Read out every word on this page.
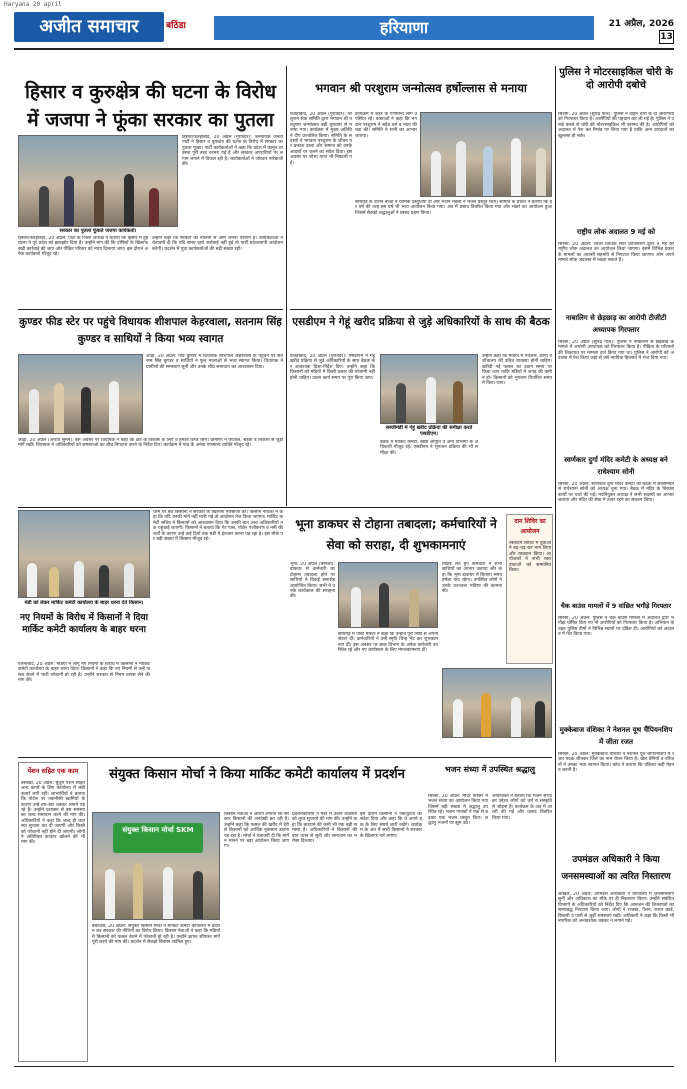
Haryana 20 april
अजीत समाचार	बठिंडा	हरियाणा	21 अप्रैल, 2026
13
हिसार व कुरुक्षेत्र की घटना के विरोध में जजपा ने फूंका सरकार का पुतला
सरकार का पुतला फूंकते जजपा कार्यकर्ता।
हिसार/फतेहाबाद, 20 अप्रैल (गुरविंदर): जननायक जनता पार्टी ने हिसार व कुरुक्षेत्र की घटना के विरोध में सरकार का पुतला फूंका। पार्टी कार्यकर्ताओं ने कहा कि प्रदेश में कानून व्यवस्था पूरी तरह चरमरा गई है और सरकार अपराधियों पर लगाम लगाने में विफल रही है। कार्यकर्ताओं ने जोरदार नारेबाजी की।
हिसार/फतेहाबाद, 20 अप्रैल: पार्टी के जिला अध्यक्ष ने बताया कि हिसार में हुई घटना ने पूरे प्रदेश को झकझोर दिया है। उन्होंने मांग की कि दोषियों के खिलाफ कड़ी कार्रवाई की जाए और पीड़ित परिवार को न्याय दिलाया जाए। इस दौरान अनेक कार्यकर्ता मौजूद रहे।
उन्होंने कहा कि सरकार की नीतियों से आम जनता परेशान है। कार्यकर्ताओं ने चेतावनी दी कि यदि समय रहते कार्रवाई नहीं हुई तो पार्टी प्रदेशव्यापी आंदोलन करेगी। प्रदर्शन में युवा कार्यकर्ताओं की बड़ी संख्या रही।
भगवान श्री परशुराम जन्मोत्सव हर्षोल्लास से मनाया
फतेहाबाद, 20 अप्रैल (गुरविंदर): परशुराम सेवा समिति द्वारा भगवान श्री परशुराम जन्मोत्सव बड़ी धूमधाम से मनाया गया। कार्यक्रम में मुख्य अतिथि ने दीप प्रज्वलित किया। समिति के सदस्यों ने भगवान परशुराम के जीवन पर प्रकाश डाला और समाज को उनके आदर्शों पर चलने का संदेश दिया। इस अवसर पर शोभा यात्रा भी निकाली गई।
कार्यक्रम में शहर के गणमान्य लोग उपस्थित रहे। वक्ताओं ने कहा कि भगवान परशुराम ने सदैव धर्म व न्याय की रक्षा की। समिति ने सभी का आभार जताया।
समारोह के दौरान बच्चों ने धार्मिक प्रस्तुतियां दीं और भजन मंडली ने भजन प्रस्तुत किए। समिति के प्रधान ने बताया कि हर वर्ष की तरह इस वर्ष भी भव्य आयोजन किया गया। अंत में प्रसाद वितरित किया गया और भंडारे का आयोजन हुआ जिसमें सैकड़ों श्रद्धालुओं ने प्रसाद ग्रहण किया।
पुलिस ने मोटरसाइकिल चोरी के दो आरोपी दबोचे
सिरसा, 20 अप्रैल (सुरिंद्र पाल): पुलिस ने वाहन चोरी के दो आरोपियों को गिरफ्तार किया है। आरोपियों की पहचान कर ली गई है। पुलिस ने उनके कब्जे से चोरी की मोटरसाइकिल भी बरामद की है। आरोपियों को अदालत में पेश कर रिमांड पर लिया गया है ताकि अन्य वारदातों का खुलासा हो सके।
राष्ट्रीय लोक अदालत 9 मई को
सिरसा, 20 अप्रैल: जिला विधिक सेवा प्राधिकरण द्वारा 9 मई को राष्ट्रीय लोक अदालत का आयोजन किया जाएगा। इसमें विभिन्न प्रकार के मामलों का आपसी सहमति से निपटारा किया जाएगा। लोग अपने मामले लोक अदालत में रखवा सकते हैं।
नाबालिग से छेड़छाड़ का आरोपी टीजीटी अध्यापक गिरफ्तार
सिरसा, 20 अप्रैल (सुरिंद्र पाल): पुलिस ने नाबालिग से छेड़छाड़ के मामले में आरोपी अध्यापक को गिरफ्तार किया है। पीड़िता के परिजनों की शिकायत पर मामला दर्ज किया गया था। पुलिस ने आरोपी को अदालत में पेश किया जहां से उसे न्यायिक हिरासत में भेज दिया गया।
स्वर्णकार दुर्गा मंदिर कमेटी के अध्यक्ष बने राधेश्याम सोनी
सिरसा, 20 अप्रैल: स्वर्णकार दुर्गा मंदिर कमेटी की बैठक में सर्वसम्मति से राधेश्याम सोनी को अध्यक्ष चुना गया। बैठक में मंदिर के विकास कार्यों पर चर्चा की गई। नवनियुक्त अध्यक्ष ने सभी सदस्यों का आभार जताया और मंदिर की सेवा में तत्पर रहने का संकल्प लिया।
चैक बाउंस मामलों में 9 वांछित भगौड़े गिरफ्तार
सिरसा, 20 अप्रैल: पुलिस ने चैक बाउंस मामलों में अदालत द्वारा भगौड़ा घोषित किए गए नौ आरोपियों को गिरफ्तार किया है। अभियान के तहत पुलिस टीमों ने विभिन्न स्थानों पर दबिश दी। आरोपियों को अदालत में पेश किया गया।
मुक्केबाज वंशिका ने नेशनल यूथ चैंपियनशिप में जीता रजत
सिरसा, 20 अप्रैल: मुक्केबाज वंशिका ने नेशनल यूथ चैंपियनशिप में रजत पदक जीतकर जिले का नाम रोशन किया है। खेल प्रेमियों व परिजनों ने उनका भव्य स्वागत किया। कोच ने बताया कि वंशिका कड़ी मेहनत करती है।
कुण्डर फीड स्टेर पर पहुंचे विधायक शीशपाल केहरवाला, सतनाम सिंह कुण्डर व साथियों ने किया भव्य स्वागत
ओढ़ां, 20 अप्रैल: गांव कुण्डर में विधायक शीशपाल केहरवाला के पहुंचने पर सतनाम सिंह कुण्डर व साथियों ने फूल मालाओं से भव्य स्वागत किया। विधायक ने ग्रामीणों की समस्याएं सुनीं और उनके शीघ्र समाधान का आश्वासन दिया।
ओढ़ां, 20 अप्रैल (अजीत सुमन): इस अवसर पर विधायक ने कहा कि क्षेत्र के विकास के लिए वे हमेशा तत्पर रहेंगे। ग्रामीणों ने पेयजल, सड़क व बिजली से जुड़ी मांगें रखीं। विधायक ने अधिकारियों को समस्याओं का शीघ्र निपटारा करने के निर्देश दिए। कार्यक्रम में गांव के अनेक गणमान्य व्यक्ति मौजूद रहे।
एसडीएम ने गेहूं खरीद प्रक्रिया से जुड़े अधिकारियों के साथ की बैठक
फतेहाबाद, 20 अप्रैल (गुरविंदर): एसडीएम ने गेहूं खरीद प्रक्रिया से जुड़े अधिकारियों के साथ बैठक कर आवश्यक दिशा-निर्देश दिए। उन्होंने कहा कि किसानों को मंडियों में किसी प्रकार की परेशानी नहीं होनी चाहिए। उठान कार्य समय पर पूरा किया जाए।
सब्जीमंडी में गेहूं खरीद प्रक्रिया की समीक्षा करते एसडीएम।
बैठक में मार्किट कमेटी, खाद्य आपूर्ति व अन्य विभागों के अधिकारी मौजूद रहे। एसडीएम ने भुगतान प्रक्रिया की भी समीक्षा की।
उन्होंने कहा कि मंडियों में पेयजल, छाया व शौचालय की उचित व्यवस्था होनी चाहिए। खरीदी गई फसल का उठान समय पर किया जाए ताकि मंडियों में जगह की कमी न हो। किसानों को भुगतान निर्धारित समय में किया जाए।
मंडी को लेकर मार्किट कमेटी कार्यालय के बाहर धरना देते किसान।
नए नियमों के विरोध में किसानों ने दिया मार्किट कमेटी कार्यालय के बाहर धरना
ऐलनाबाद, 20 अप्रैल: मंडियों में लागू नए नियमों के विरोध में किसानों ने मार्किट कमेटी कार्यालय के बाहर धरना दिया। किसानों ने कहा कि नए नियमों से उन्हें फसल बेचने में भारी परेशानी हो रही है। उन्होंने सरकार से नियम वापस लेने की मांग की।
धरने पर बैठे किसानों ने सरकार के खिलाफ नारेबाजी की। किसान नेताओं ने कहा कि यदि उनकी मांगें नहीं मानी गईं तो आंदोलन तेज किया जाएगा। मार्किट कमेटी सचिव ने किसानों को आश्वासन दिया कि उनकी बात उच्च अधिकारियों तक पहुंचाई जाएगी। किसानों ने बताया कि गेट पास, पोर्टल पंजीकरण व नमी की शर्तों के कारण उन्हें कई दिनों तक मंडी में इंतजार करना पड़ रहा है। इस मौके पर बड़ी संख्या में किसान मौजूद रहे।
भूना डाकघर से टोहाना तबादला; कर्मचारियों ने सेवा को सराहा, दी शुभकामनाएं
भूना, 20 अप्रैल (सिंगला): डाकघर से कर्मचारी का टोहाना तबादला होने पर साथियों ने विदाई समारोह आयोजित किया। सभी ने उनके कार्यकाल की सराहना की।
समारोह में पोस्ट मास्टर ने कहा कि उन्होंने पूरी निष्ठा से अपनी सेवाएं दीं। कर्मचारियों ने उन्हें स्मृति चिन्ह भेंट कर शुभकामनाएं दीं। इस अवसर पर डाक विभाग के अनेक कर्मचारी उपस्थित रहे और नए कार्यस्थल के लिए मंगलकामनाएं दीं।
विदाई लेते हुए कर्मचारी ने सभी साथियों का आभार जताया और कहा कि भूना डाकघर में बिताया समय हमेशा याद रहेगा। उपस्थित लोगों ने उनके उज्ज्वल भविष्य की कामना की।
दान शिविर का आयोजन
रक्तदान शिविर में युवाओं ने बढ़-चढ़ कर भाग लिया और रक्तदान किया। आयोजकों ने सभी रक्तदाताओं को सम्मानित किया।
पेंशन सहित एक काम
बैसाखी, 20 अप्रैल: बुजुर्ग पेंशन सहित अन्य कार्यों के लिए कार्यालय में लंबी कतारें लगी रहीं। लाभार्थियों ने बताया कि पोर्टल पर तकनीकी खामियों के कारण उन्हें बार-बार चक्कर लगाने पड़ रहे हैं। उन्होंने प्रशासन से इस समस्या का जल्द समाधान करने की मांग की। अधिकारियों ने कहा कि जल्द ही व्यवस्था सुचारू कर दी जाएगी और किसी को परेशानी नहीं होने दी जाएगी। लोगों ने अतिरिक्त काउंटर खोलने की भी मांग की।
संयुक्त किसान मोर्चा ने किया मार्किट कमेटी कार्यालय में प्रदर्शन
संयुक्त किसान मोर्चा SKM
डबवाली, 20 अप्रैल: संयुक्त किसान मोर्चा ने मार्किट कमेटी कार्यालय में प्रदर्शन कर सरकार की नीतियों का विरोध किया। किसान नेताओं ने कहा कि मंडियों में किसानों को फसल बेचने में परेशानी हो रही है। उन्होंने ज्ञापन सौंपकर मांगें पूरी करने की मांग की। प्रदर्शन में सैकड़ों किसान शामिल हुए।
किसान नेताओं ने आरोप लगाया कि सरकार किसानों की अनदेखी कर रही है। उन्होंने कहा कि फसल की खरीद में देरी से किसानों को आर्थिक नुकसान उठाना पड़ रहा है। मोर्चा ने चेतावनी दी कि मांगें न मानने पर बड़ा आंदोलन किया जाएगा।
प्रदर्शनकारियों ने मंडी में उठान व्यवस्था को तुरंत सुधारने की मांग की। उन्होंने कहा कि बारदाने की कमी भी एक बड़ी समस्या है। अधिकारियों ने किसानों की बात ध्यान से सुनी और समाधान का भरोसा दिलाया।
इस दौरान किसानों ने एकजुटता का संदेश दिया और कहा कि वे अपने हक के लिए संघर्ष जारी रखेंगे। कार्यक्रम के अंत में सभी किसानों ने सरकार के खिलाफ नारे लगाए।
भजन संध्या में उपस्थित श्रद्धालु
सिरसा, 20 अप्रैल: मंदिर परिसर में भजन संध्या का आयोजन किया गया जिसमें बड़ी संख्या में श्रद्धालु उपस्थित रहे। भजन गायकों ने एक से बढ़कर एक भजन प्रस्तुत किए। श्रद्धालु भजनों पर झूम उठे।
आयोजकों ने बताया कि भजन संध्या का उद्देश्य लोगों को धर्म व संस्कृति से जोड़ना है। कार्यक्रम के अंत में आरती की गई और प्रसाद वितरित किया गया।
उपमंडल अधिकारी ने किया जनसमस्याओं का त्वरित निस्तारण
जाखल, 20 अप्रैल: उपमंडल अधिकारी ने कार्यालय में जनसमस्याएं सुनीं और अधिकांश का मौके पर ही निस्तारण किया। उन्होंने संबंधित विभागों के अधिकारियों को निर्देश दिए कि आमजन की शिकायतों का समयबद्ध निपटारा किया जाए। लोगों ने राजस्व, पेंशन, राशन कार्ड, बिजली व पानी से जुड़ी समस्याएं रखीं। अधिकारी ने कहा कि किसी भी नागरिक को अनावश्यक चक्कर न लगाने पड़ें।
